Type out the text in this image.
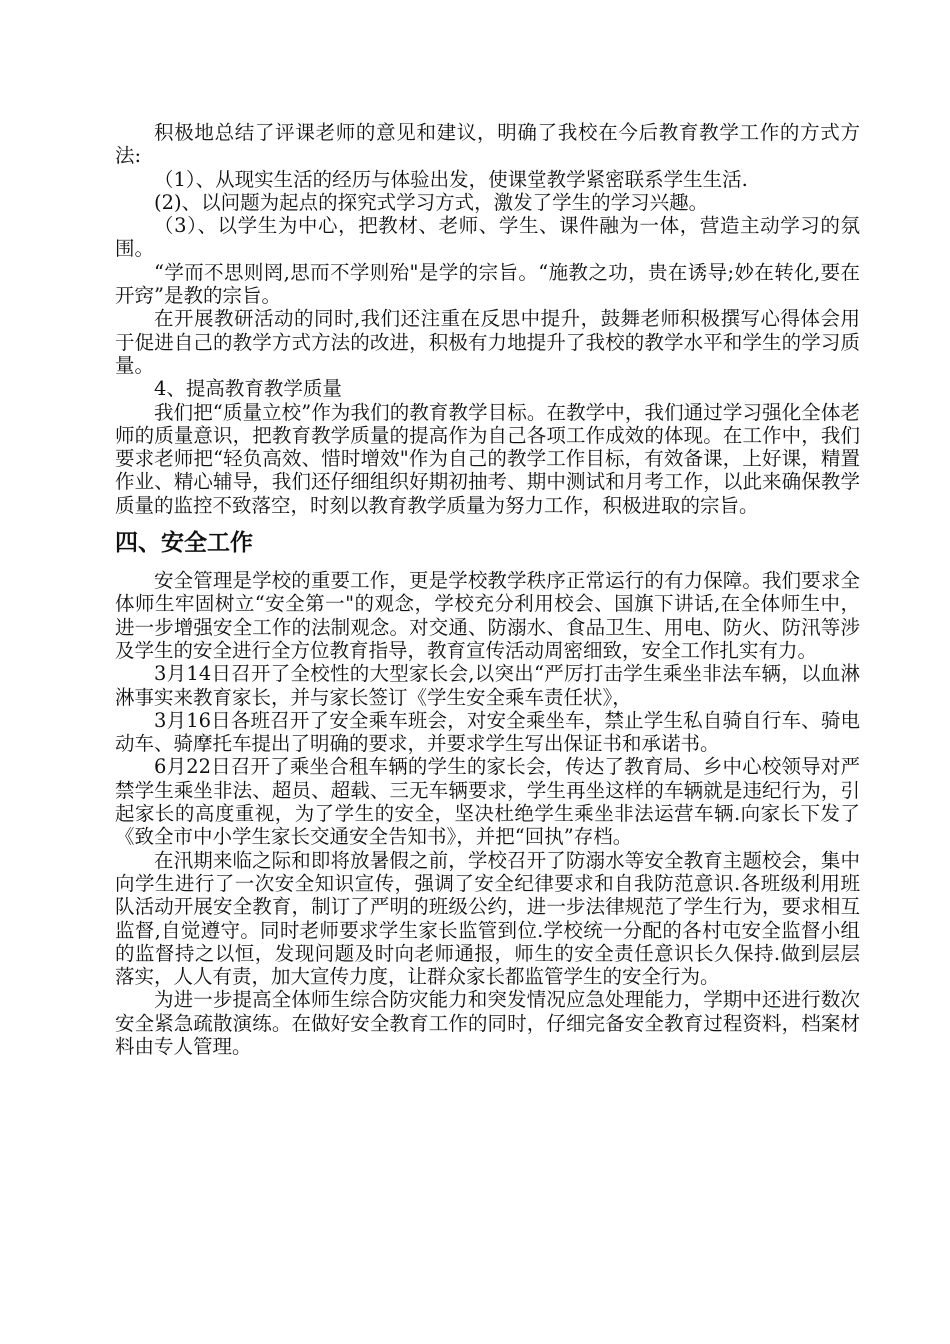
积极地总结了评课老师的意见和建议，明确了我校在今后教育教学工作的方式方法:

（1）、从现实生活的经历与体验出发，使课堂教学紧密联系学生生活.

(2)、以问题为起点的探究式学习方式，激发了学生的学习兴趣。

（3）、以学生为中心，把教材、老师、学生、课件融为一体，营造主动学习的氛围。

“学而不思则罔,思而不学则殆"是学的宗旨。“施教之功，贵在诱导;妙在转化,要在开窍”是教的宗旨。

在开展教研活动的同时,我们还注重在反思中提升，鼓舞老师积极撰写心得体会用于促进自己的教学方式方法的改进，积极有力地提升了我校的教学水平和学生的学习质量。

4、提高教育教学质量

我们把“质量立校”作为我们的教育教学目标。在教学中，我们通过学习强化全体老师的质量意识，把教育教学质量的提高作为自己各项工作成效的体现。在工作中，我们要求老师把“轻负高效、惜时增效"作为自己的教学工作目标，有效备课，上好课，精置作业、精心辅导，我们还仔细组织好期初抽考、期中测试和月考工作，以此来确保教学质量的监控不致落空，时刻以教育教学质量为努力工作，积极进取的宗旨。

四、安全工作

安全管理是学校的重要工作，更是学校教学秩序正常运行的有力保障。我们要求全体师生牢固树立“安全第一"的观念，学校充分利用校会、国旗下讲话,在全体师生中，进一步增强安全工作的法制观念。对交通、防溺水、食品卫生、用电、防火、防汛等涉及学生的安全进行全方位教育指导，教育宣传活动周密细致，安全工作扎实有力。

3月14日召开了全校性的大型家长会,以突出“严厉打击学生乘坐非法车辆，以血淋淋事实来教育家长，并与家长签订《学生安全乘车责任状》，

3月16日各班召开了安全乘车班会，对安全乘坐车，禁止学生私自骑自行车、骑电动车、骑摩托车提出了明确的要求，并要求学生写出保证书和承诺书。

6月22日召开了乘坐合租车辆的学生的家长会，传达了教育局、乡中心校领导对严禁学生乘坐非法、超员、超载、三无车辆要求，学生再坐这样的车辆就是违纪行为，引起家长的高度重视，为了学生的安全，坚决杜绝学生乘坐非法运营车辆.向家长下发了《致全市中小学生家长交通安全告知书》，并把“回执”存档。

在汛期来临之际和即将放暑假之前，学校召开了防溺水等安全教育主题校会，集中向学生进行了一次安全知识宣传，强调了安全纪律要求和自我防范意识.各班级利用班队活动开展安全教育，制订了严明的班级公约，进一步法律规范了学生行为，要求相互监督,自觉遵守。同时老师要求学生家长监管到位.学校统一分配的各村屯安全监督小组的监督持之以恒，发现问题及时向老师通报，师生的安全责任意识长久保持.做到层层落实，人人有责，加大宣传力度，让群众家长都监管学生的安全行为。

为进一步提高全体师生综合防灾能力和突发情况应急处理能力，学期中还进行数次安全紧急疏散演练。在做好安全教育工作的同时，仔细完备安全教育过程资料，档案材料由专人管理。
